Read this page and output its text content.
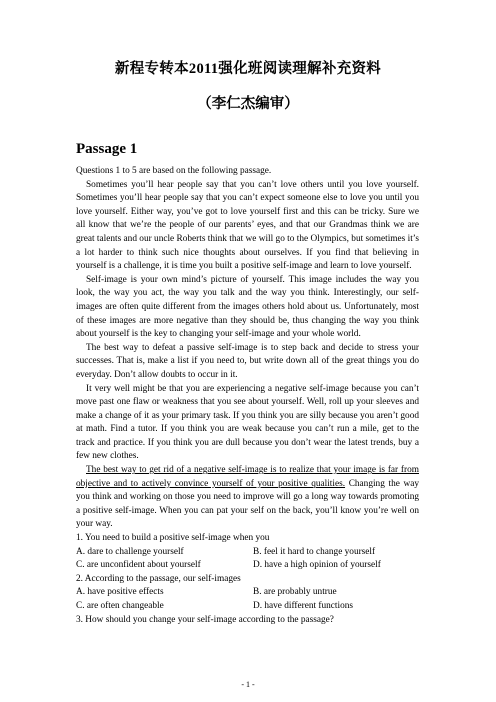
新程专转本2011强化班阅读理解补充资料
（李仁杰编审）
Passage 1

Questions 1 to 5 are based on the following passage.

Sometimes you’ll hear people say that you can’t love others until you love yourself. Sometimes you’ll hear people say that you can’t expect someone else to love you until you love yourself. Either way, you’ve got to love yourself first and this can be tricky. Sure we all know that we’re the people of our parents’ eyes, and that our Grandmas think we are great talents and our uncle Roberts think that we will go to the Olympics, but sometimes it’s a lot harder to think such nice thoughts about ourselves. If you find that believing in yourself is a challenge, it is time you built a positive self-image and learn to love yourself.

Self-image is your own mind’s picture of yourself. This image includes the way you look, the way you act, the way you talk and the way you think. Interestingly, our self-images are often quite different from the images others hold about us. Unfortunately, most of these images are more negative than they should be, thus changing the way you think about yourself is the key to changing your self-image and your whole world.

The best way to defeat a passive self-image is to step back and decide to stress your successes. That is, make a list if you need to, but write down all of the great things you do everyday. Don’t allow doubts to occur in it.

It very well might be that you are experiencing a negative self-image because you can’t move past one flaw or weakness that you see about yourself. Well, roll up your sleeves and make a change of it as your primary task. If you think you are silly because you aren’t good at math. Find a tutor. If you think you are weak because you can’t run a mile, get to the track and practice. If you think you are dull because you don’t wear the latest trends, buy a few new clothes.

The best way to get rid of a negative self-image is to realize that your image is far from objective and to actively convince yourself of your positive qualities. Changing the way you think and working on those you need to improve will go a long way towards promoting a positive self-image. When you can pat your self on the back, you’ll know you’re well on your way.

1. You need to build a positive self-image when you ________.

A. dare to challenge yourself	B. feel it hard to change yourself
C. are unconfident about yourself	D. have a high opinion of yourself

2. According to the passage, our self-images ________.

A. have positive effects	B. are probably untrue
C. are often changeable	D. have different functions

3. How should you change your self-image according to the passage?

- 1 -
